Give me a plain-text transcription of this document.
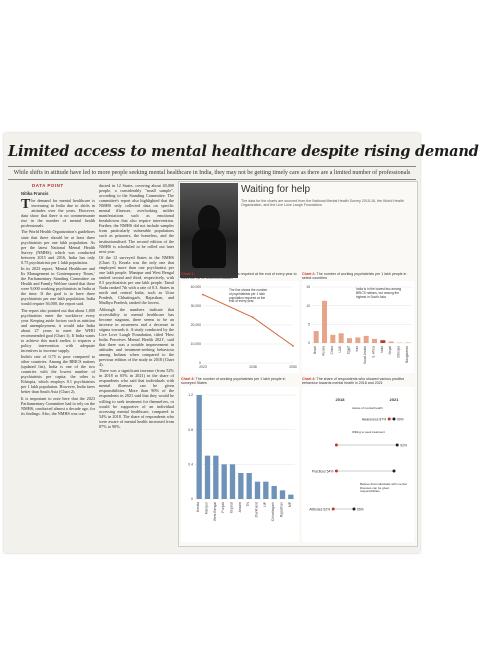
Limited access to mental healthcare despite rising demand
While shifts in attitude have led to more people seeking mental healthcare in India, they may not be getting timely care as there are a limited number of professionals
DATA POINT
Nitika Francis

The demand for mental healthcare is increasing in India due to shifts in attitudes over the years. However, data show that there is no commensurate rise in the number of mental health professionals.

The World Health Organization's guidelines state that there should be at least three psychiatrists per one lakh population. As per the latest National Mental Health Survey (NMHS), which was conducted between 2015 and 2016, India has only 0.75 psychiatrists per 1 lakh population.

In its 2023 report, 'Mental Healthcare and Its Management in Contemporary Times,' the Parliamentary Standing Committee on Health and Family Welfare stated that there were 9,000 working psychiatrists in India at the time. If the goal is to have three psychiatrists per one lakh population, India would require 36,000, the report said.

The report also pointed out that about 1,000 psychiatrists enter the workforce every year. Keeping aside factors such as attrition and unemployment, it would take India about 27 years to meet the WHO recommended goal (Chart 1). If India wants to achieve this mark earlier, it requires a policy intervention with adequate incentives to increase supply.

India's rate of 0.75 is poor compared to other countries. Among the BRICS nations (updated list), India is one of the two countries with the lowest number of psychiatrists per capita; the other is Ethiopia, which employs 0.1 psychiatrists per 1 lakh population. However, India fares better than South Asia (Chart 2).

It is important to note here that the 2023 Parliamentary Committee had to rely on the NMHS, conducted almost a decade ago, for its findings. Also, the NMHS was con-

ducted in 12 States, covering about 40,000 people, a considerably "small sample", according to the Standing Committee. The committee's report also highlighted that the NMHS only collected data on specific mental illnesses, overlooking milder manifestations such as emotional breakdowns that also require intervention. Further, the NMHS did not include samples from particularly vulnerable populations such as prisoners, the homeless, and the institutionalised. The second edition of the NMHS is scheduled to be rolled out later next year.

Of the 12 surveyed States in the NMHS (Chart 3), Kerala was the only one that employed more than one psychiatrist per one lakh people. Manipur and West Bengal ranked second and third, respectively, with 0.5 psychiatrists per one lakh people. Tamil Nadu ranked 7th with a rate of 0.3. States in north and central India, such as Uttar Pradesh, Chhattisgarh, Rajasthan, and Madhya Pradesh, ranked the lowest.

Although the numbers indicate that accessibility to mental healthcare has become stagnant, there seems to be an increase in awareness and a decrease in stigma towards it. A study conducted by the Live Love Laugh Foundation, titled 'How India Perceives Mental Health 2021', said that there was a notable improvement in attitudes and treatment-seeking behaviour among Indians when compared to the previous edition of the study in 2018 (Chart 4).

There was a significant increase (from 52% in 2018 to 65% in 2021) in the share of respondents who said that individuals with mental illnesses can be given responsibilities. More than 90% of the respondents in 2021 said that they would be willing to seek treatment for themselves, or would be supportive of an individual accessing mental healthcare, compared to 54% in 2018. The share of respondents who were aware of mental health increased from 87% to 90%.

Waiting for help
The data for the charts are sourced from the National Mental Health Survey 2015-16, the World Health Organization, and the Live Love Laugh Foundation
Chart 1: The number of psychiatrists required at the end of every year to meet the WHO recommendation
0
10,000
20,000
30,000
40,000
2023	2038	2050
The line shows the number of psychiatrists per 1 lakh population required at the end of every year
Chart 2: The number of working psychiatrists per 1 lakh people in select countries
0
5
10
15
Brazil Russia China UAE Egypt Iran Saudi Arabia S. Africa India Nepal Ethiopia Bangladesh
India is in the lowest two among BRICS nations, but among the highest in South Asia
Chart 3: The number of working psychiatrists per 1 lakh people in surveyed States
0
0.4
0.8
1.2
Kerala Manipur West Bengal Punjab Gujarat Assam TN Jharkhand UP Chhattisgarh Rajasthan MP
Chart 4: The share of respondents who showed various positive behaviour towards mental health in 2018 and 2021
2018	2021
Awareness 87%	90%
92%
Practices 54%
Attitudes 52%	65%
Aware of mental health
Willing to seek treatment
Believe that individuals with mental illnesses can be given responsibilities
